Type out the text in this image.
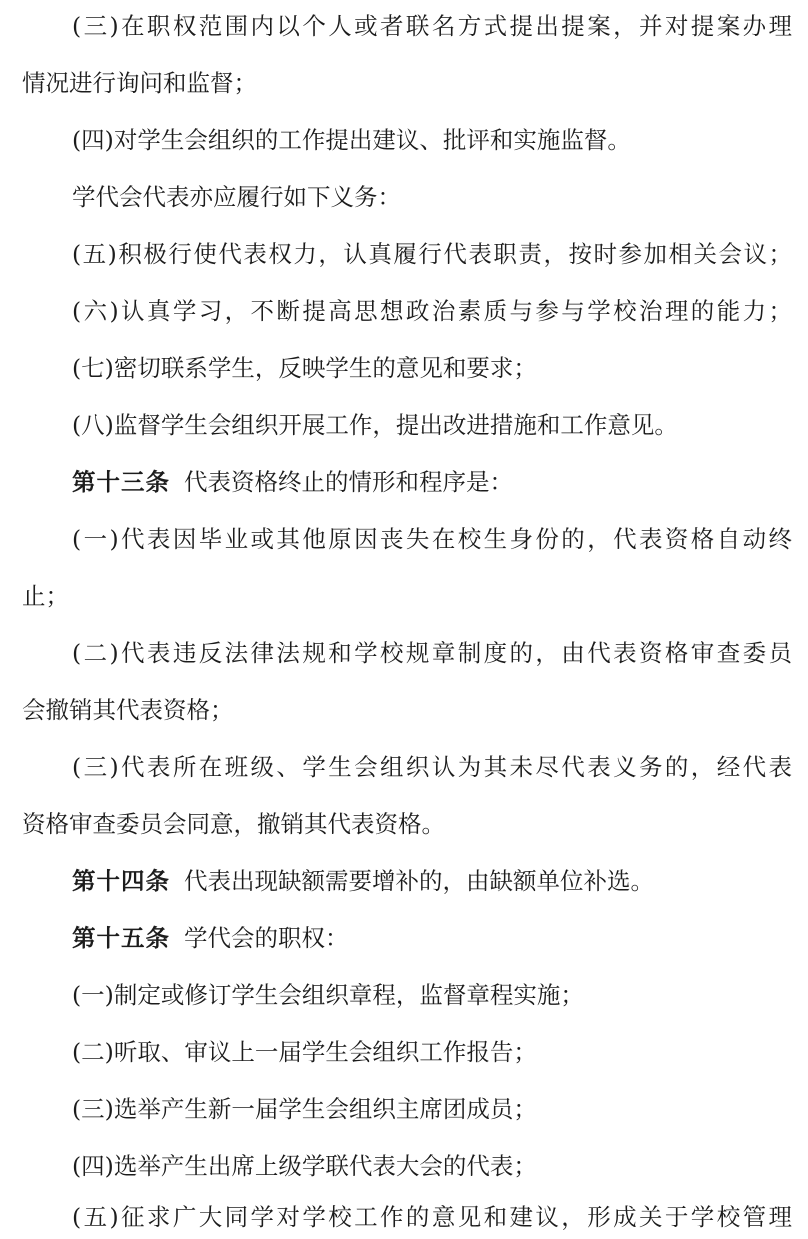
(三)在职权范围内以个人或者联名方式提出提案，并对提案办理
情况进行询问和监督；
(四)对学生会组织的工作提出建议、批评和实施监督。
学代会代表亦应履行如下义务：
(五)积极行使代表权力，认真履行代表职责，按时参加相关会议；
(六)认真学习，不断提高思想政治素质与参与学校治理的能力；
(七)密切联系学生，反映学生的意见和要求；
(八)监督学生会组织开展工作，提出改进措施和工作意见。
第十三条 代表资格终止的情形和程序是：
(一)代表因毕业或其他原因丧失在校生身份的，代表资格自动终
止；
(二)代表违反法律法规和学校规章制度的，由代表资格审查委员
会撤销其代表资格；
(三)代表所在班级、学生会组织认为其未尽代表义务的，经代表
资格审查委员会同意，撤销其代表资格。
第十四条 代表出现缺额需要增补的，由缺额单位补选。
第十五条 学代会的职权：
(一)制定或修订学生会组织章程，监督章程实施；
(二)听取、审议上一届学生会组织工作报告；
(三)选举产生新一届学生会组织主席团成员；
(四)选举产生出席上级学联代表大会的代表；
(五)征求广大同学对学校工作的意见和建议，形成关于学校管理
